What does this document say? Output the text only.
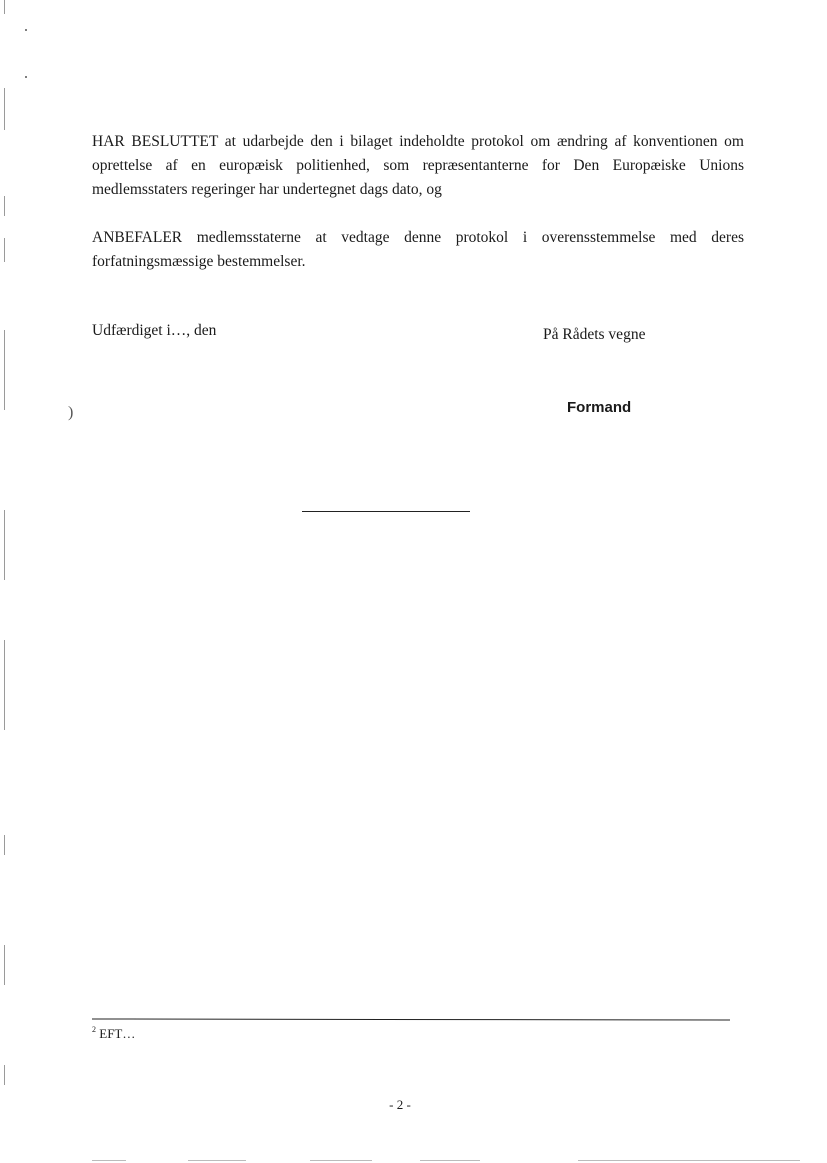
HAR BESLUTTET at udarbejde den i bilaget indeholdte protokol om ændring af konventionen om oprettelse af en europæisk politienhed, som repræsentanterne for Den Europæiske Unions medlemsstaters regeringer har undertegnet dags dato, og

ANBEFALER medlemsstaterne at vedtage denne protokol i overensstemmelse med deres forfatningsmæssige bestemmelser.

Udfærdiget i…, den	På Rådets vegne
)	Formand
$^2$ EFT…
- 2 -
